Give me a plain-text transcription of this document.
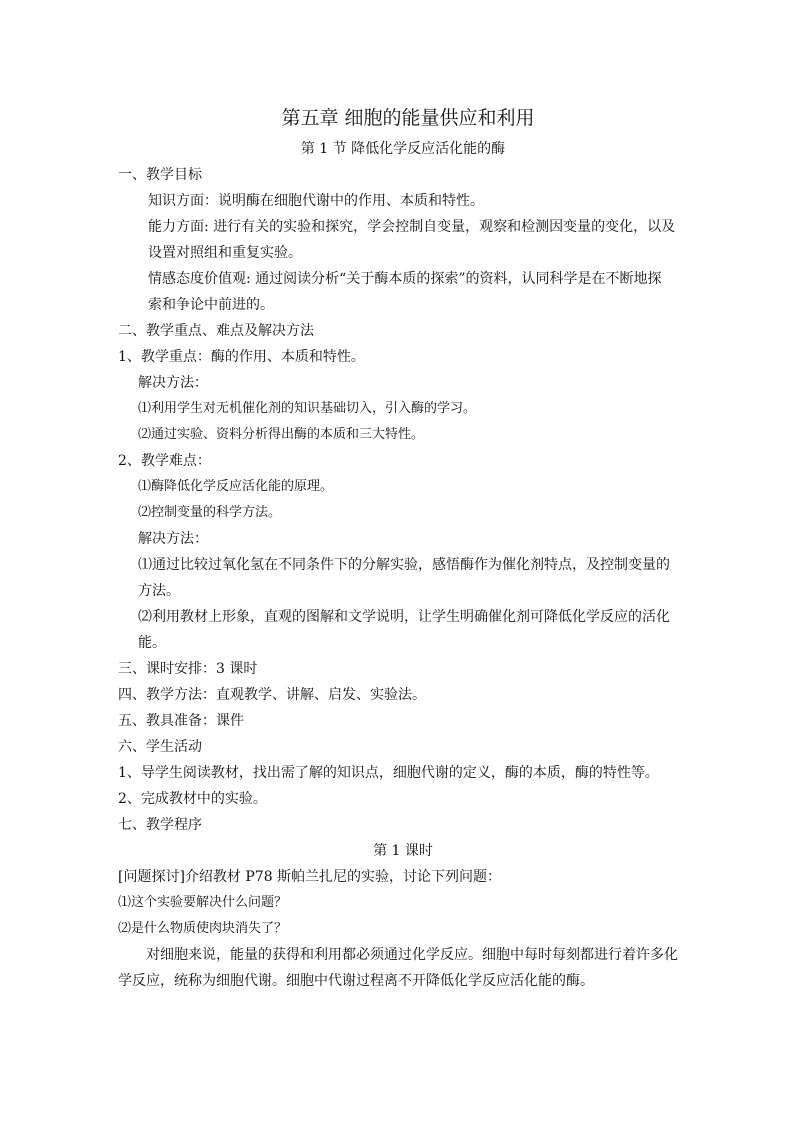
第五章 细胞的能量供应和利用

第 1 节 降低化学反应活化能的酶

一、教学目标

知识方面：说明酶在细胞代谢中的作用、本质和特性。

能力方面: 进行有关的实验和探究，学会控制自变量，观察和检测因变量的变化，以及

设置对照组和重复实验。

情感态度价值观: 通过阅读分析“关于酶本质的探索”的资料，认同科学是在不断地探

索和争论中前进的。

二、教学重点、难点及解决方法

1、教学重点：酶的作用、本质和特性。

解决方法：

⑴利用学生对无机催化剂的知识基础切入，引入酶的学习。

⑵通过实验、资料分析得出酶的本质和三大特性。

2、教学难点：

⑴酶降低化学反应活化能的原理。

⑵控制变量的科学方法。

解决方法：

⑴通过比较过氧化氢在不同条件下的分解实验，感悟酶作为催化剂特点，及控制变量的

方法。

⑵利用教材上形象，直观的图解和文学说明，让学生明确催化剂可降低化学反应的活化

能。

三、课时安排：3 课时

四、教学方法：直观教学、讲解、启发、实验法。

五、教具准备：课件

六、学生活动

1、导学生阅读教材，找出需了解的知识点，细胞代谢的定义，酶的本质，酶的特性等。

2、完成教材中的实验。

七、教学程序

第 1 课时

[问题探讨]介绍教材 P78 斯帕兰扎尼的实验，讨论下列问题：

⑴这个实验要解决什么问题？

⑵是什么物质使肉块消失了？

对细胞来说，能量的获得和利用都必须通过化学反应。细胞中每时每刻都进行着许多化

学反应，统称为细胞代谢。细胞中代谢过程离不开降低化学反应活化能的酶。
